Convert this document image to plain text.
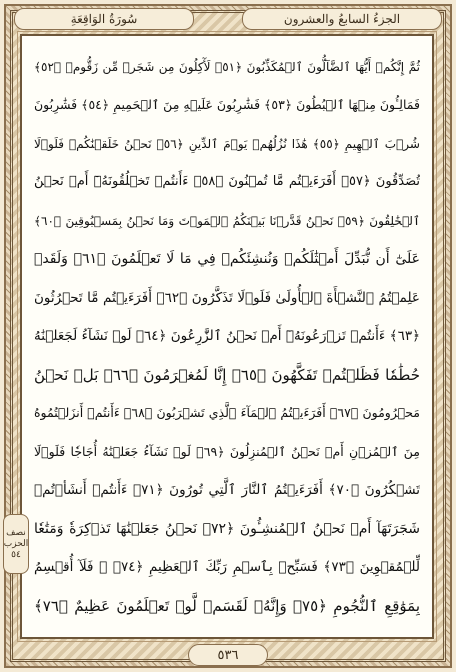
الجزءُ السابعُ والعشرون
سُورَةُ الوَاقِعَةِ
ثُمَّ إِنَّكُمۡ أَيُّهَا ٱلضَّآلُّونَ ٱلۡمُكَذِّبُونَ ﴿٥١﴾ لَأٓكِلُونَ مِن شَجَرٖ مِّن زَقُّومٖ ﴿٥٢﴾
فَمَالِـُٔونَ مِنۡهَا ٱلۡبُطُونَ ﴿٥٣﴾ فَشَٰرِبُونَ عَلَيۡهِ مِنَ ٱلۡحَمِيمِ ﴿٥٤﴾ فَشَٰرِبُونَ
شُرۡبَ ٱلۡهِيمِ ﴿٥٥﴾ هَٰذَا نُزُلُهُمۡ يَوۡمَ ٱلدِّينِ ﴿٥٦﴾ نَحۡنُ خَلَقۡنَٰكُمۡ فَلَوۡلَا
تُصَدِّقُونَ ﴿٥٧﴾ أَفَرَءَيۡتُم مَّا تُمۡنُونَ ﴿٥٨﴾ ءَأَنتُمۡ تَخۡلُقُونَهُۥٓ أَمۡ نَحۡنُ
ٱلۡخَٰلِقُونَ ﴿٥٩﴾ نَحۡنُ قَدَّرۡنَا بَيۡنَكُمُ ٱلۡمَوۡتَ وَمَا نَحۡنُ بِمَسۡبُوقِينَ ﴿٦٠﴾
عَلَىٰٓ أَن نُّبَدِّلَ أَمۡثَٰلَكُمۡ وَنُنشِئَكُمۡ فِي مَا لَا تَعۡلَمُونَ ﴿٦١﴾ وَلَقَدۡ
عَلِمۡتُمُ ٱلنَّشۡأَةَ ٱلۡأُولَىٰ فَلَوۡلَا تَذَكَّرُونَ ﴿٦٢﴾ أَفَرَءَيۡتُم مَّا تَحۡرُثُونَ
﴿٦٣﴾ ءَأَنتُمۡ تَزۡرَعُونَهُۥٓ أَمۡ نَحۡنُ ٱلزَّٰرِعُونَ ﴿٦٤﴾ لَوۡ نَشَآءُ لَجَعَلۡنَٰهُ
حُطَٰمٗا فَظَلۡتُمۡ تَفَكَّهُونَ ﴿٦٥﴾ إِنَّا لَمُغۡرَمُونَ ﴿٦٦﴾ بَلۡ نَحۡنُ
مَحۡرُومُونَ ﴿٦٧﴾ أَفَرَءَيۡتُمُ ٱلۡمَآءَ ٱلَّذِي تَشۡرَبُونَ ﴿٦٨﴾ ءَأَنتُمۡ أَنزَلۡتُمُوهُ
مِنَ ٱلۡمُزۡنِ أَمۡ نَحۡنُ ٱلۡمُنزِلُونَ ﴿٦٩﴾ لَوۡ نَشَآءُ جَعَلۡنَٰهُ أُجَاجٗا فَلَوۡلَا
تَشۡكُرُونَ ﴿٧٠﴾ أَفَرَءَيۡتُمُ ٱلنَّارَ ٱلَّتِي تُورُونَ ﴿٧١﴾ ءَأَنتُمۡ أَنشَأۡتُمۡ
شَجَرَتَهَآ أَمۡ نَحۡنُ ٱلۡمُنشِـُٔونَ ﴿٧٢﴾ نَحۡنُ جَعَلۡنَٰهَا تَذۡكِرَةٗ وَمَتَٰعٗا
لِّلۡمُقۡوِينَ ﴿٧٣﴾ فَسَبِّحۡ بِٱسۡمِ رَبِّكَ ٱلۡعَظِيمِ ﴿٧٤﴾ ۞ فَلَآ أُقۡسِمُ
بِمَوَٰقِعِ ٱلنُّجُومِ ﴿٧٥﴾ وَإِنَّهُۥ لَقَسَمٞ لَّوۡ تَعۡلَمُونَ عَظِيمٌ ﴿٧٦﴾
نصف
الحزب
٥٤
٥٣٦
